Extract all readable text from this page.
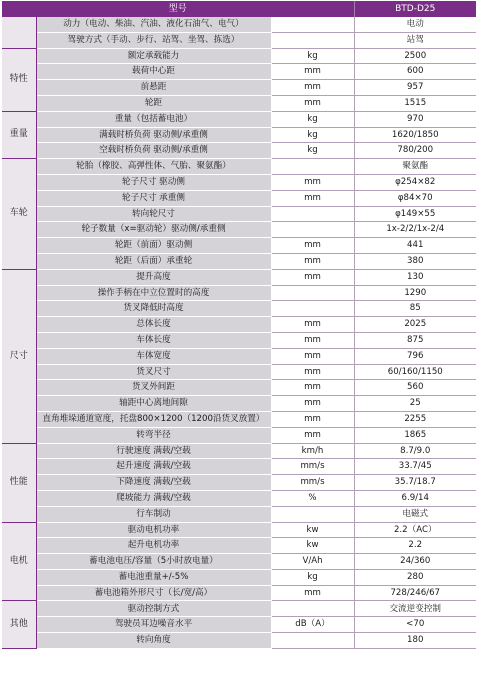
型号			BTD-D25
	动力（电动、柴油、汽油、液化石油气、电气）		电动
	驾驶方式（手动、步行、站驾、坐驾、拣选）		站驾
特性	额定承载能力	kg	2500
	载荷中心距	mm	600
	前悬距	mm	957
	轮距	mm	1515
重量	重量（包括蓄电池）	kg	970
	满载时桥负荷 驱动侧/承重侧	kg	1620/1850
	空载时桥负荷 驱动侧/承重侧	kg	780/200
车轮	轮胎（橡胶、高弹性体、气胎、聚氨酯）		聚氨酯
	轮子尺寸 驱动侧	mm	φ254×82
	轮子尺寸 承重侧	mm	φ84×70
	转向轮尺寸		φ149×55
	轮子数量（x=驱动轮）驱动侧/承重侧		1x-2/2/1x-2/4
	轮距（前面）驱动侧	mm	441
	轮距（后面）承重轮	mm	380
尺寸	提升高度	mm	130
	操作手柄在中立位置时的高度		1290
	货叉降低时高度		85
	总体长度	mm	2025
	车体长度	mm	875
	车体宽度	mm	796
	货叉尺寸	mm	60/160/1150
	货叉外间距	mm	560
	轴距中心离地间隙	mm	25
	直角堆垛通道宽度，托盘800×1200（1200沿货叉放置）	mm	2255
	转弯半径	mm	1865
性能	行驶速度 满载/空载	km/h	8.7/9.0
	起升速度 满载/空载	mm/s	33.7/45
	下降速度 满载/空载	mm/s	35.7/18.7
	爬坡能力 满载/空载	%	6.9/14
	行车制动		电磁式
电机	驱动电机功率	kw	2.2（AC）
	起升电机功率	kw	2.2
	蓄电池电压/容量（5小时放电量）	V/Ah	24/360
	蓄电池重量+/-5%	kg	280
	蓄电池箱外形尺寸（长/宽/高）	mm	728/246/67
其他	驱动控制方式		交流逆变控制
	驾驶员耳边噪音水平	dB（A）	<70
	转向角度		180
